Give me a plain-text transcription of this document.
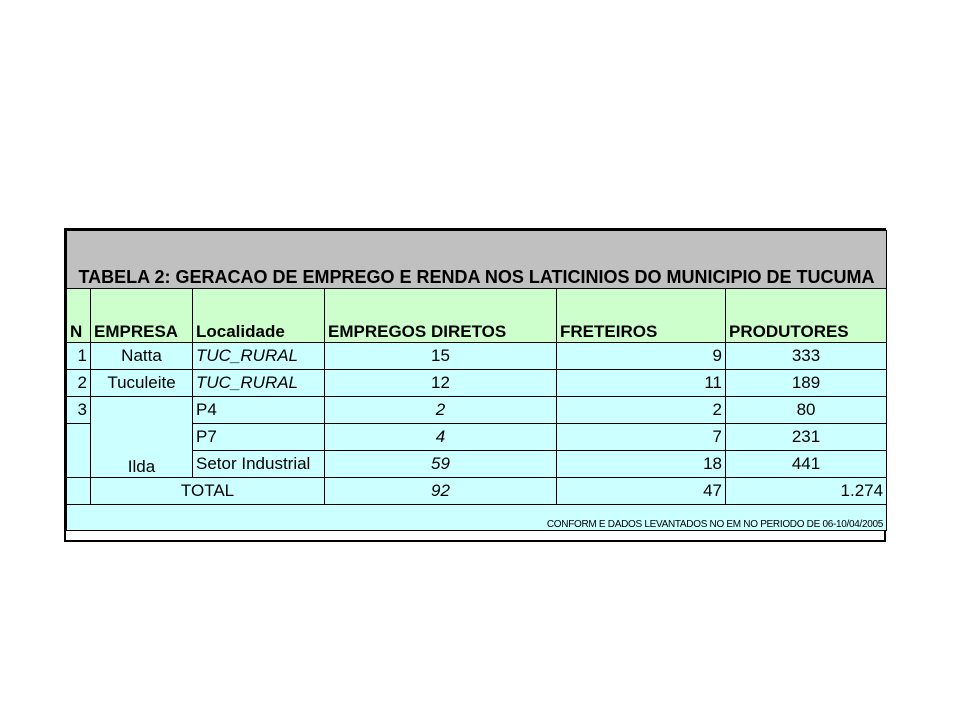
TABELA 2: GERACAO DE EMPREGO E RENDA NOS LATICINIOS DO MUNICIPIO DE TUCUMA					
N	EMPRESA	Localidade	EMPREGOS DIRETOS	FRETEIROS	PRODUTORES
1	Natta	TUC_RURAL	15	9	333
2	Tuculeite	TUC_RURAL	12	11	189
3	Ilda	P4	2	2	80
		P7	4	7	231
		Setor Industrial	59	18	441
	TOTAL		92	47	1.274
CONFORM E DADOS LEVANTADOS NO EM NO PERIODO DE 06-10/04/2005					
